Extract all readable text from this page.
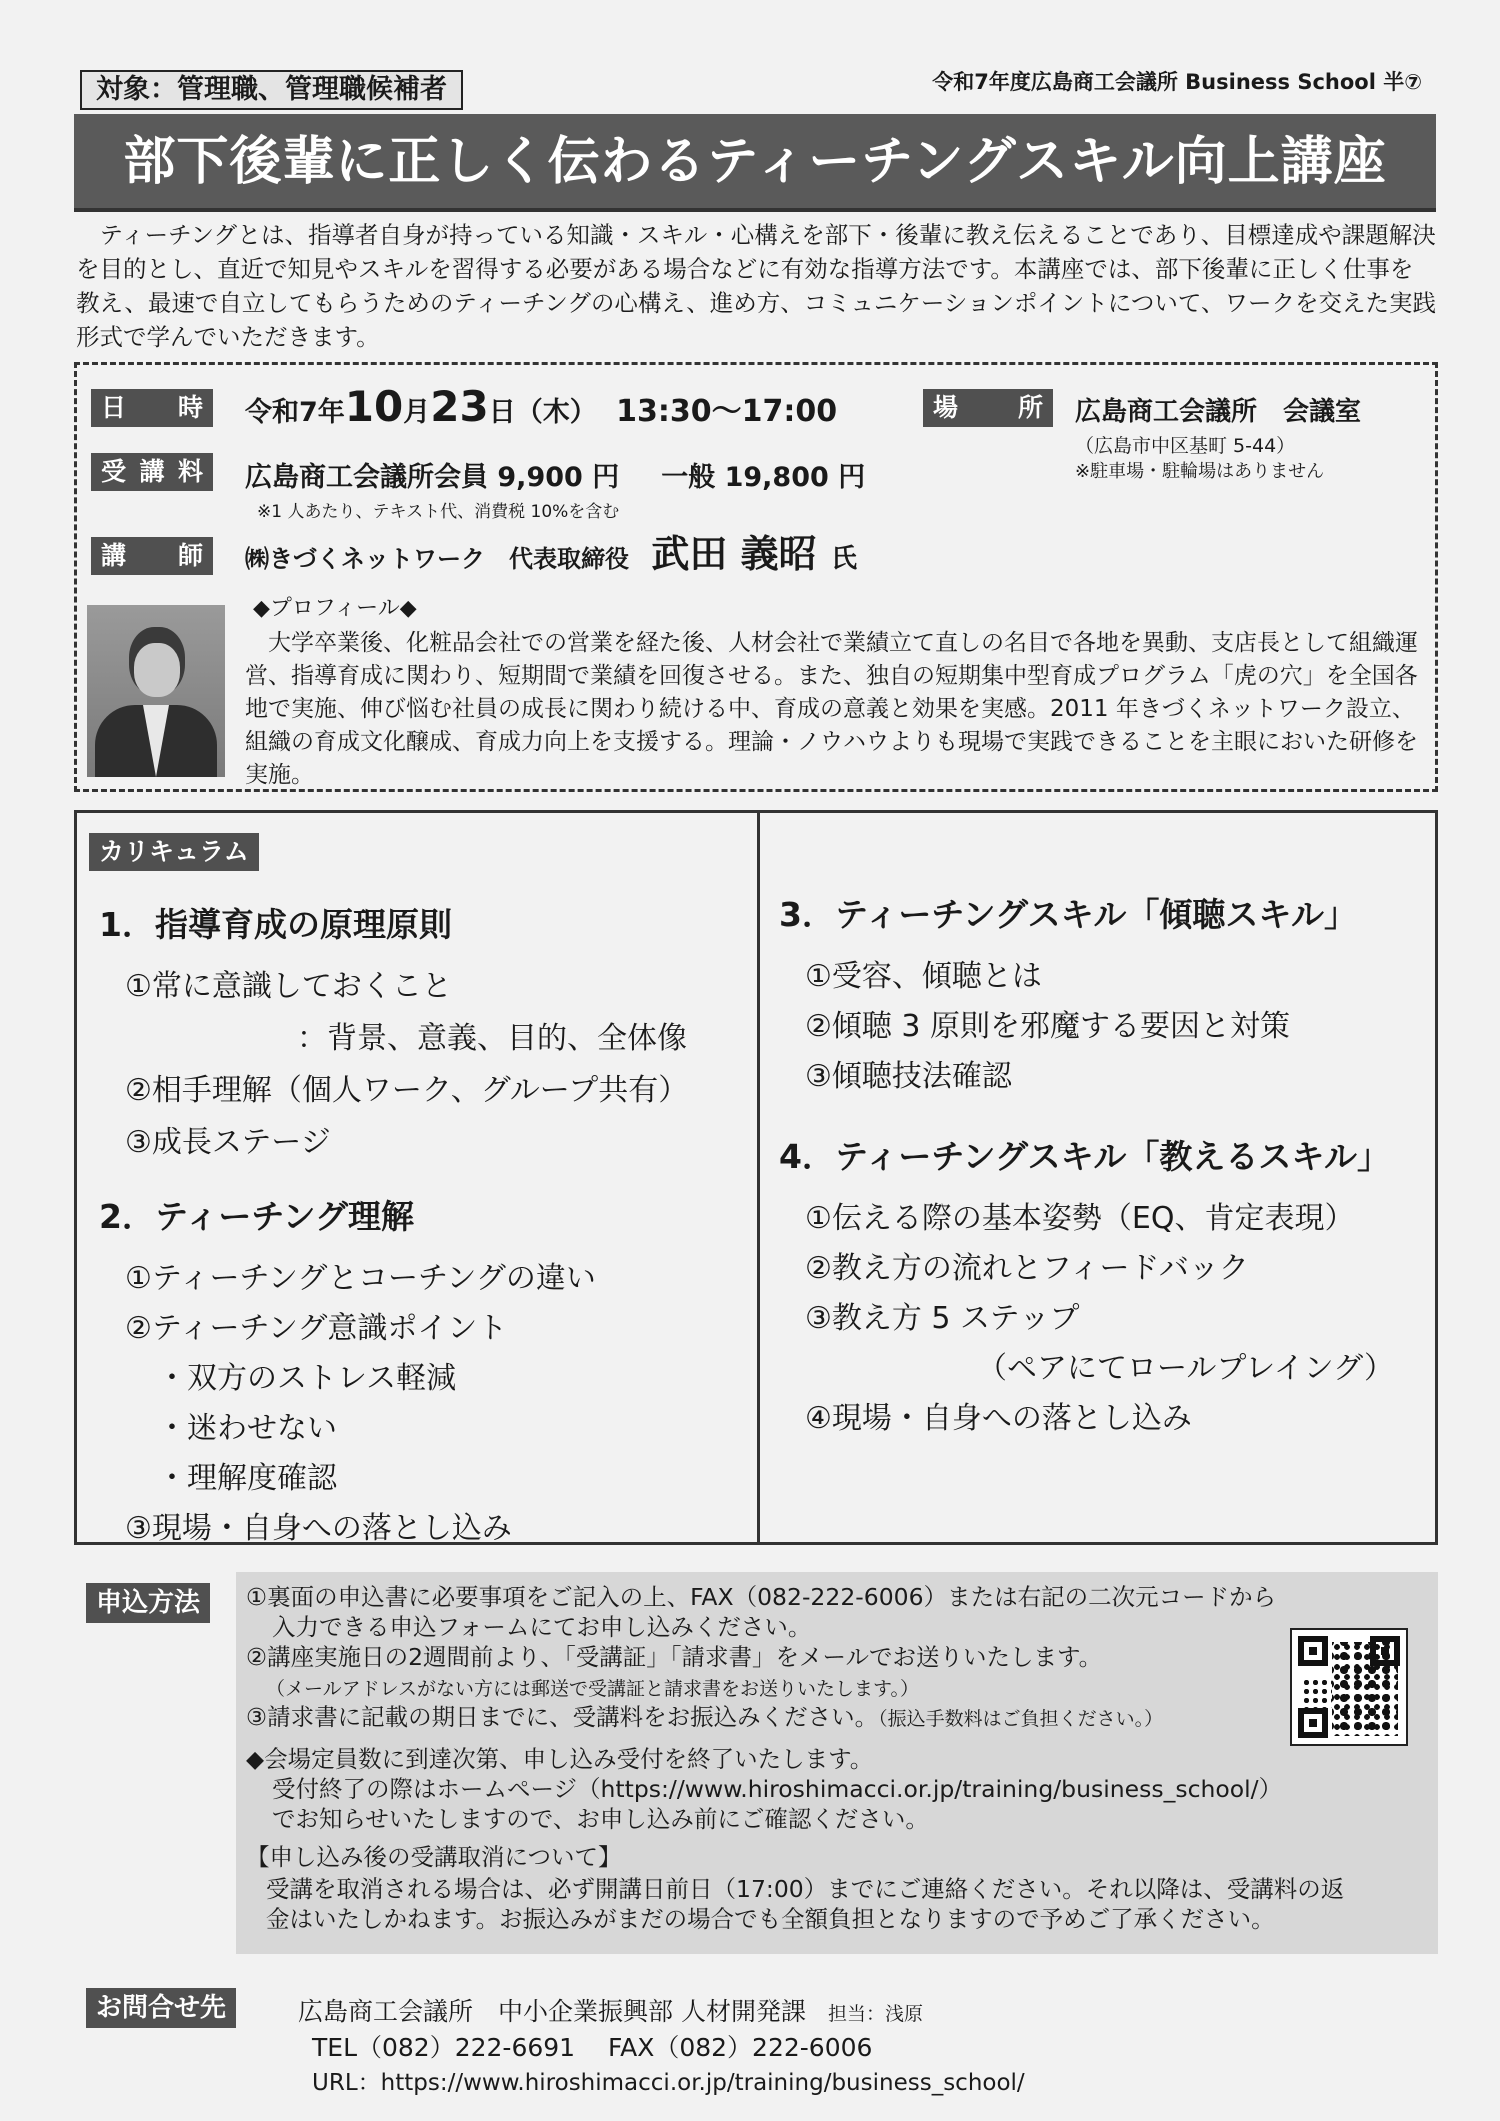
対象：管理職、管理職候補者	令和7年度広島商工会議所 Business School 半⑦
部下後輩に正しく伝わるティーチングスキル向上講座

ティーチングとは、指導者自身が持っている知識・スキル・心構えを部下・後輩に教え伝えることであり、目標達成や課題解決を目的とし、直近で知見やスキルを習得する必要がある場合などに有効な指導方法です。本講座では、部下後輩に正しく仕事を教え、最速で自立してもらうためのティーチングの心構え、進め方、コミュニケーションポイントについて、ワークを交えた実践形式で学んでいただきます。

日 時 令和7年10月23日（木） 13:30〜17:00	場 所 広島商工会議所　会議室
（広島市中区基町 5-44）
※駐車場・駐輪場はありません
受 講 料 広島商工会議所会員 9,900 円 一般 19,800 円
※1 人あたり、テキスト代、消費税 10%を含む
講 師 ㈱きづくネットワーク　代表取締役 武田 義昭 氏
◆プロフィール◆

大学卒業後、化粧品会社での営業を経た後、人材会社で業績立て直しの名目で各地を異動、支店長として組織運営、指導育成に関わり、短期間で業績を回復させる。また、独自の短期集中型育成プログラム「虎の穴」を全国各地で実施、伸び悩む社員の成長に関わり続ける中、育成の意義と効果を実感。2011 年きづくネットワーク設立、組織の育成文化醸成、育成力向上を支援する。理論・ノウハウよりも現場で実践できることを主眼においた研修を実施。

カリキュラム
1．指導育成の原理原則
①常に意識しておくこと
：背景、意義、目的、全体像
②相手理解（個人ワーク、グループ共有）
③成長ステージ
2．ティーチング理解
①ティーチングとコーチングの違い
②ティーチング意識ポイント
・双方のストレス軽減
・迷わせない
・理解度確認
③現場・自身への落とし込み
3．ティーチングスキル「傾聴スキル」
①受容、傾聴とは
②傾聴 3 原則を邪魔する要因と対策
③傾聴技法確認
4．ティーチングスキル「教えるスキル」
①伝える際の基本姿勢（EQ、肯定表現）
②教え方の流れとフィードバック
③教え方 5 ステップ
（ペアにてロールプレイング）
④現場・自身への落とし込み
申込方法	①裏面の申込書に必要事項をご記入の上、FAX（082-222-6006）または右記の二次元コードから
入力できる申込フォームにてお申し込みください。
②講座実施日の2週間前より、「受講証」「請求書」をメールでお送りいたします。
（メールアドレスがない方には郵送で受講証と請求書をお送りいたします。）
③請求書に記載の期日までに、受講料をお振込みください。（振込手数料はご負担ください。）
◆会場定員数に到達次第、申し込み受付を終了いたします。
受付終了の際はホームページ（https://www.hiroshimacci.or.jp/training/business_school/）
でお知らせいたしますので、お申し込み前にご確認ください。
【申し込み後の受講取消について】
受講を取消される場合は、必ず開講日前日（17:00）までにご連絡ください。それ以降は、受講料の返
金はいたしかねます。お振込みがまだの場合でも全額負担となりますので予めご了承ください。
お問合せ先	広島商工会議所　中小企業振興部 人材開発課 担当：浅原
TEL（082）222-6691　 FAX（082）222-6006
URL：https://www.hiroshimacci.or.jp/training/business_school/
